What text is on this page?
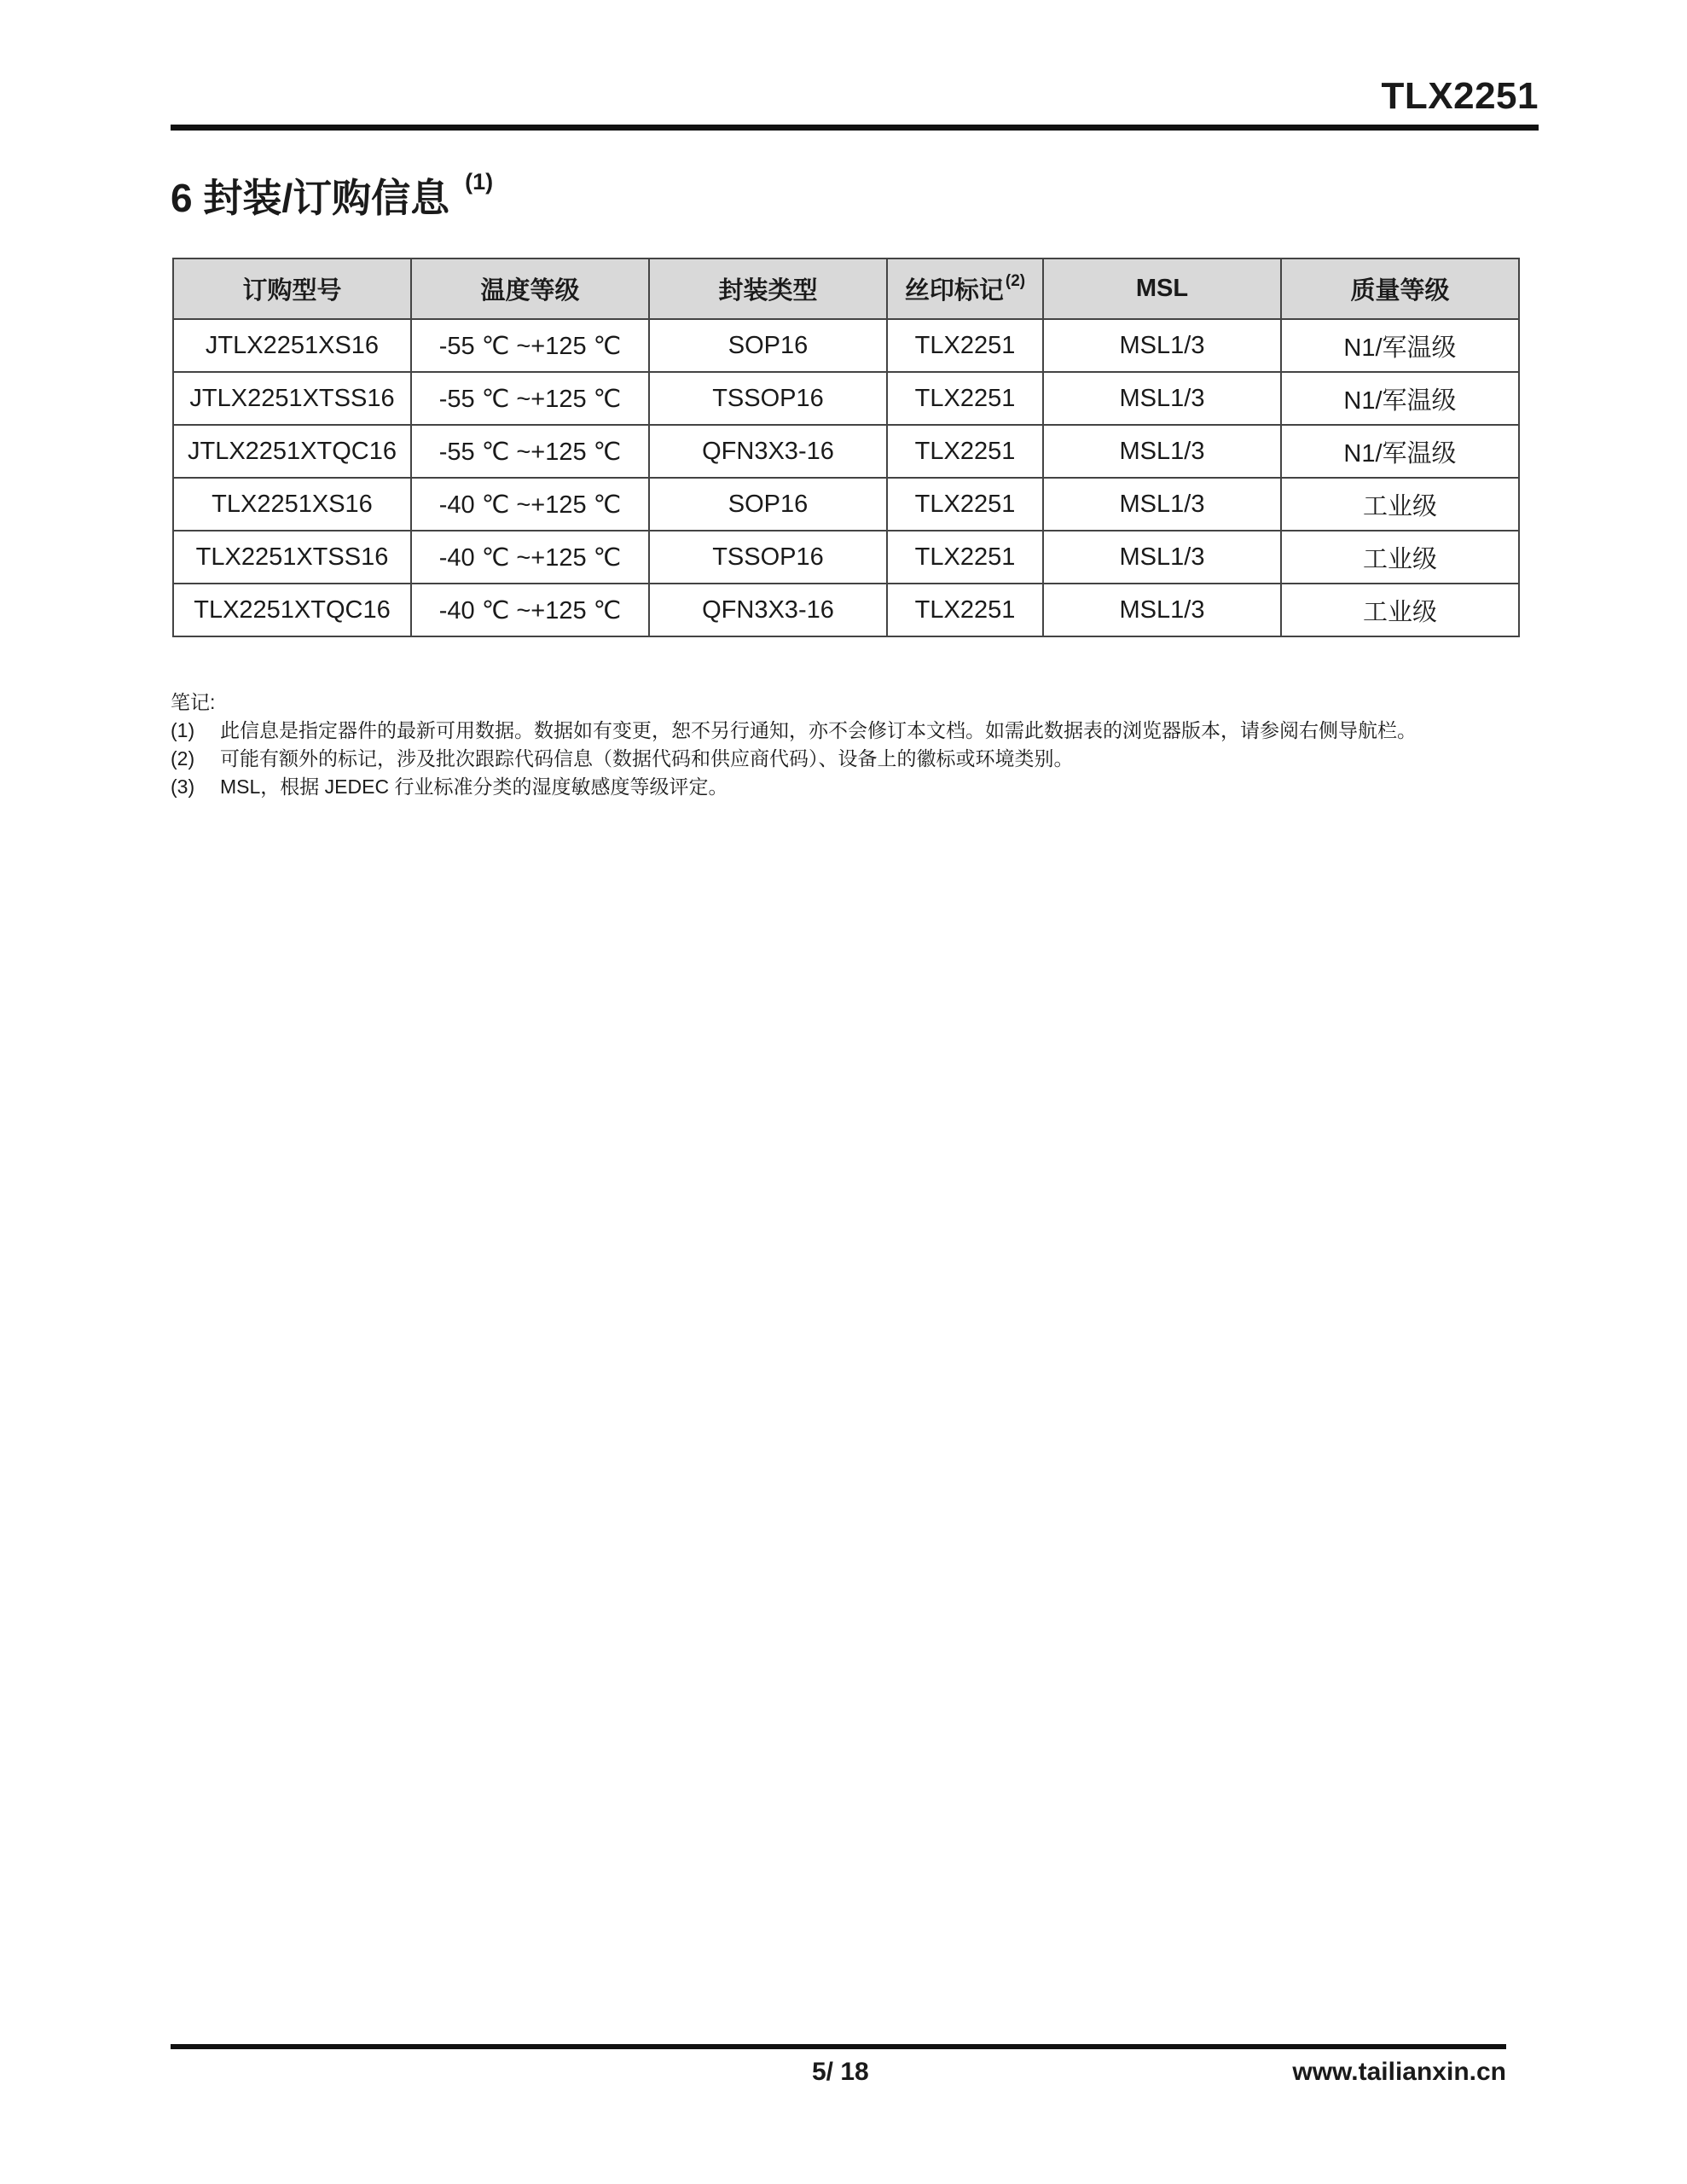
TLX2251
6 封装/订购信息 $^{(1)}$
订购型号	温度等级	封装类型	丝印标记 $^{(2)}$	MSL	质量等级
JTLX2251XS16	-55 ℃ ~+125 ℃	SOP16	TLX2251	MSL1/3	N1/军温级
JTLX2251XTSS16	-55 ℃ ~+125 ℃	TSSOP16	TLX2251	MSL1/3	N1/军温级
JTLX2251XTQC16	-55 ℃ ~+125 ℃	QFN3X3-16	TLX2251	MSL1/3	N1/军温级
TLX2251XS16	-40 ℃ ~+125 ℃	SOP16	TLX2251	MSL1/3	工业级
TLX2251XTSS16	-40 ℃ ~+125 ℃	TSSOP16	TLX2251	MSL1/3	工业级
TLX2251XTQC16	-40 ℃ ~+125 ℃	QFN3X3-16	TLX2251	MSL1/3	工业级
笔记:
(1)	此信息是指定器件的最新可用数据。数据如有变更，恕不另行通知，亦不会修订本文档。如需此数据表的浏览器版本，请参阅右侧导航栏。
(2)	可能有额外的标记，涉及批次跟踪代码信息（数据代码和供应商代码）、设备上的徽标或环境类别。
(3)	MSL，根据 JEDEC 行业标准分类的湿度敏感度等级评定。
5/ 18	www.tailianxin.cn
